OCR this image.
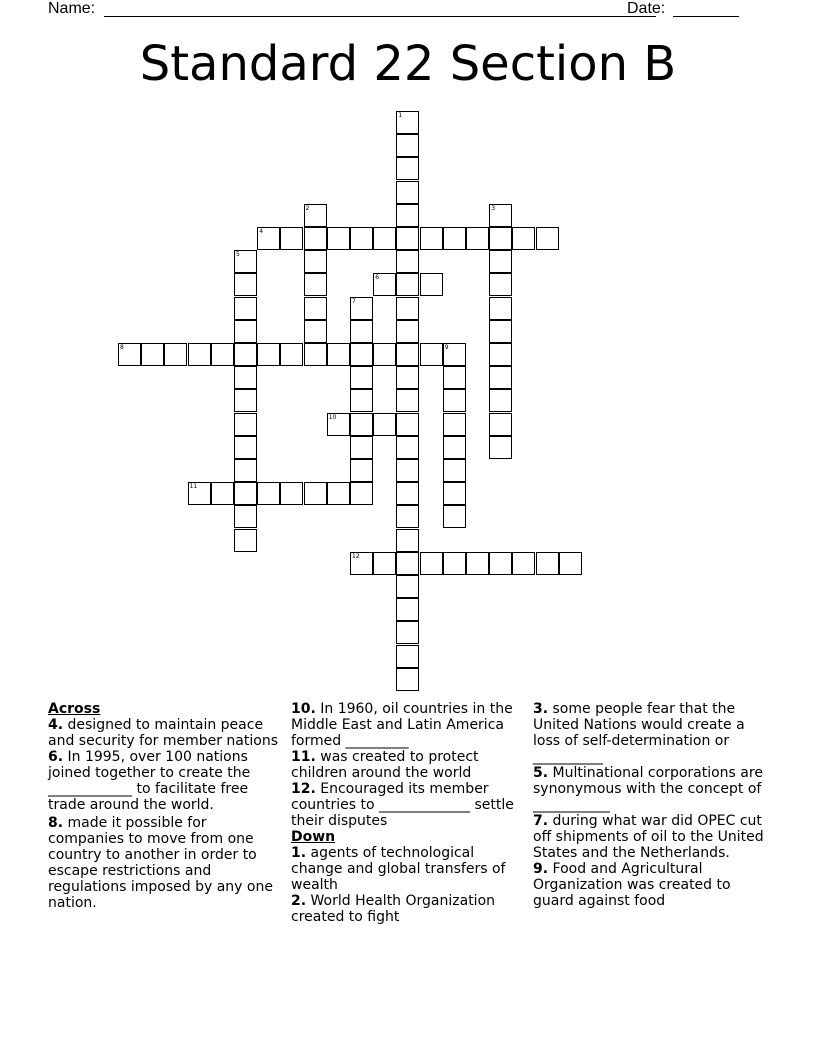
Name:	Date:
Standard 22 Section B
1
2	3
4
5
6
7
8	9
10
11
12

Across

4. designed to maintain peace and security for member nations

6. In 1995, over 100 nations joined together to create the ____________ to facilitate free trade around the world.

8. made it possible for companies to move from one country to another in order to escape restrictions and regulations imposed by any one nation.

10. In 1960, oil countries in the Middle East and Latin America formed _________

11. was created to protect children around the world

12. Encouraged its member countries to _____________ settle their disputes

Down

1. agents of technological change and global transfers of wealth

2. World Health Organization created to fight

3. some people fear that the United Nations would create a loss of self-determination or __________

5. Multinational corporations are synonymous with the concept of ___________

7. during what war did OPEC cut off shipments of oil to the United States and the Netherlands.

9. Food and Agricultural Organization was created to guard against food
